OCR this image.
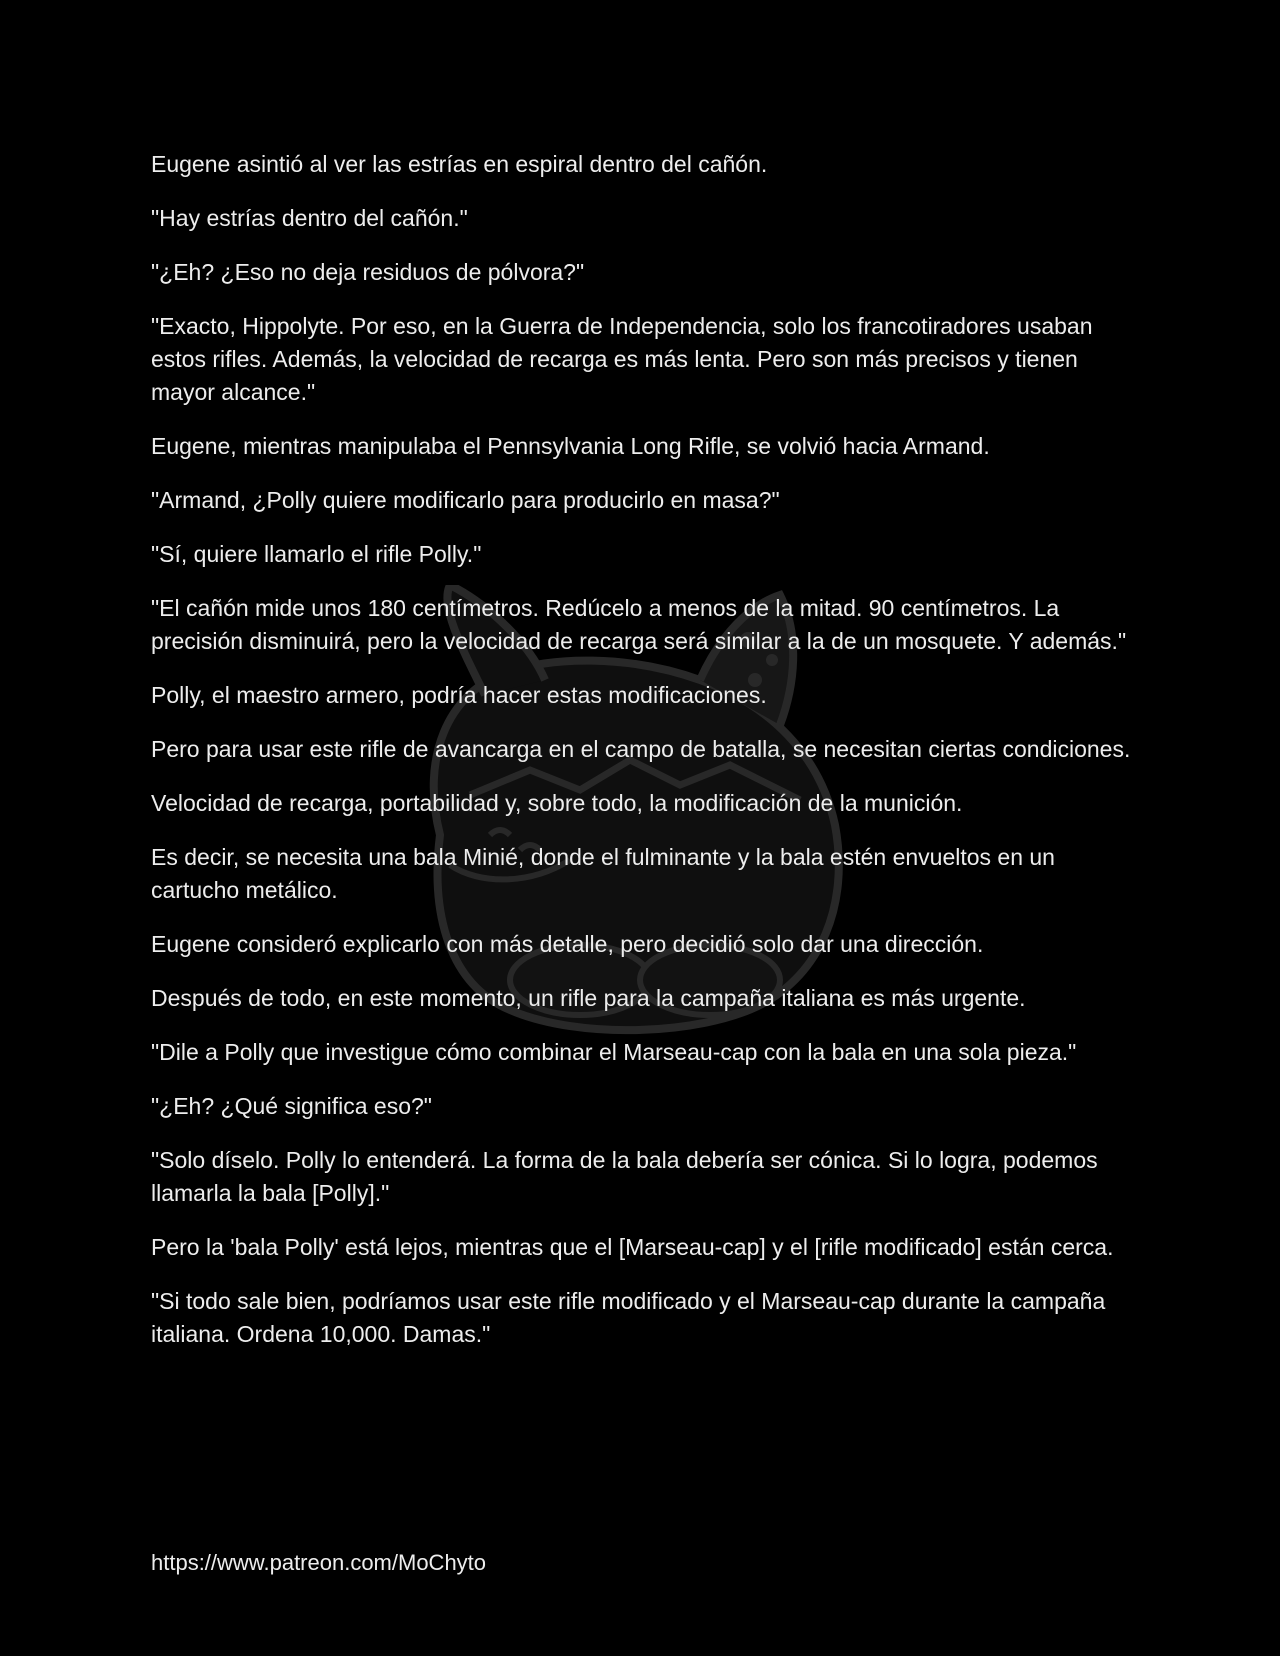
Eugene asintió al ver las estrías en espiral dentro del cañón.

"Hay estrías dentro del cañón."

"¿Eh? ¿Eso no deja residuos de pólvora?"

"Exacto, Hippolyte. Por eso, en la Guerra de Independencia, solo los francotiradores usaban estos rifles. Además, la velocidad de recarga es más lenta. Pero son más precisos y tienen mayor alcance."

Eugene, mientras manipulaba el Pennsylvania Long Rifle, se volvió hacia Armand.

"Armand, ¿Polly quiere modificarlo para producirlo en masa?"

"Sí, quiere llamarlo el rifle Polly."

"El cañón mide unos 180 centímetros. Redúcelo a menos de la mitad. 90 centímetros. La precisión disminuirá, pero la velocidad de recarga será similar a la de un mosquete. Y además."

Polly, el maestro armero, podría hacer estas modificaciones.

Pero para usar este rifle de avancarga en el campo de batalla, se necesitan ciertas condiciones.

Velocidad de recarga, portabilidad y, sobre todo, la modificación de la munición.

Es decir, se necesita una bala Minié, donde el fulminante y la bala estén envueltos en un cartucho metálico.

Eugene consideró explicarlo con más detalle, pero decidió solo dar una dirección.

Después de todo, en este momento, un rifle para la campaña italiana es más urgente.

"Dile a Polly que investigue cómo combinar el Marseau-cap con la bala en una sola pieza."

"¿Eh? ¿Qué significa eso?"

"Solo díselo. Polly lo entenderá. La forma de la bala debería ser cónica. Si lo logra, podemos llamarla la bala [Polly]."

Pero la 'bala Polly' está lejos, mientras que el [Marseau-cap] y el [rifle modificado] están cerca.

"Si todo sale bien, podríamos usar este rifle modificado y el Marseau-cap durante la campaña italiana. Ordena 10,000. Damas."

https://www.patreon.com/MoChyto
